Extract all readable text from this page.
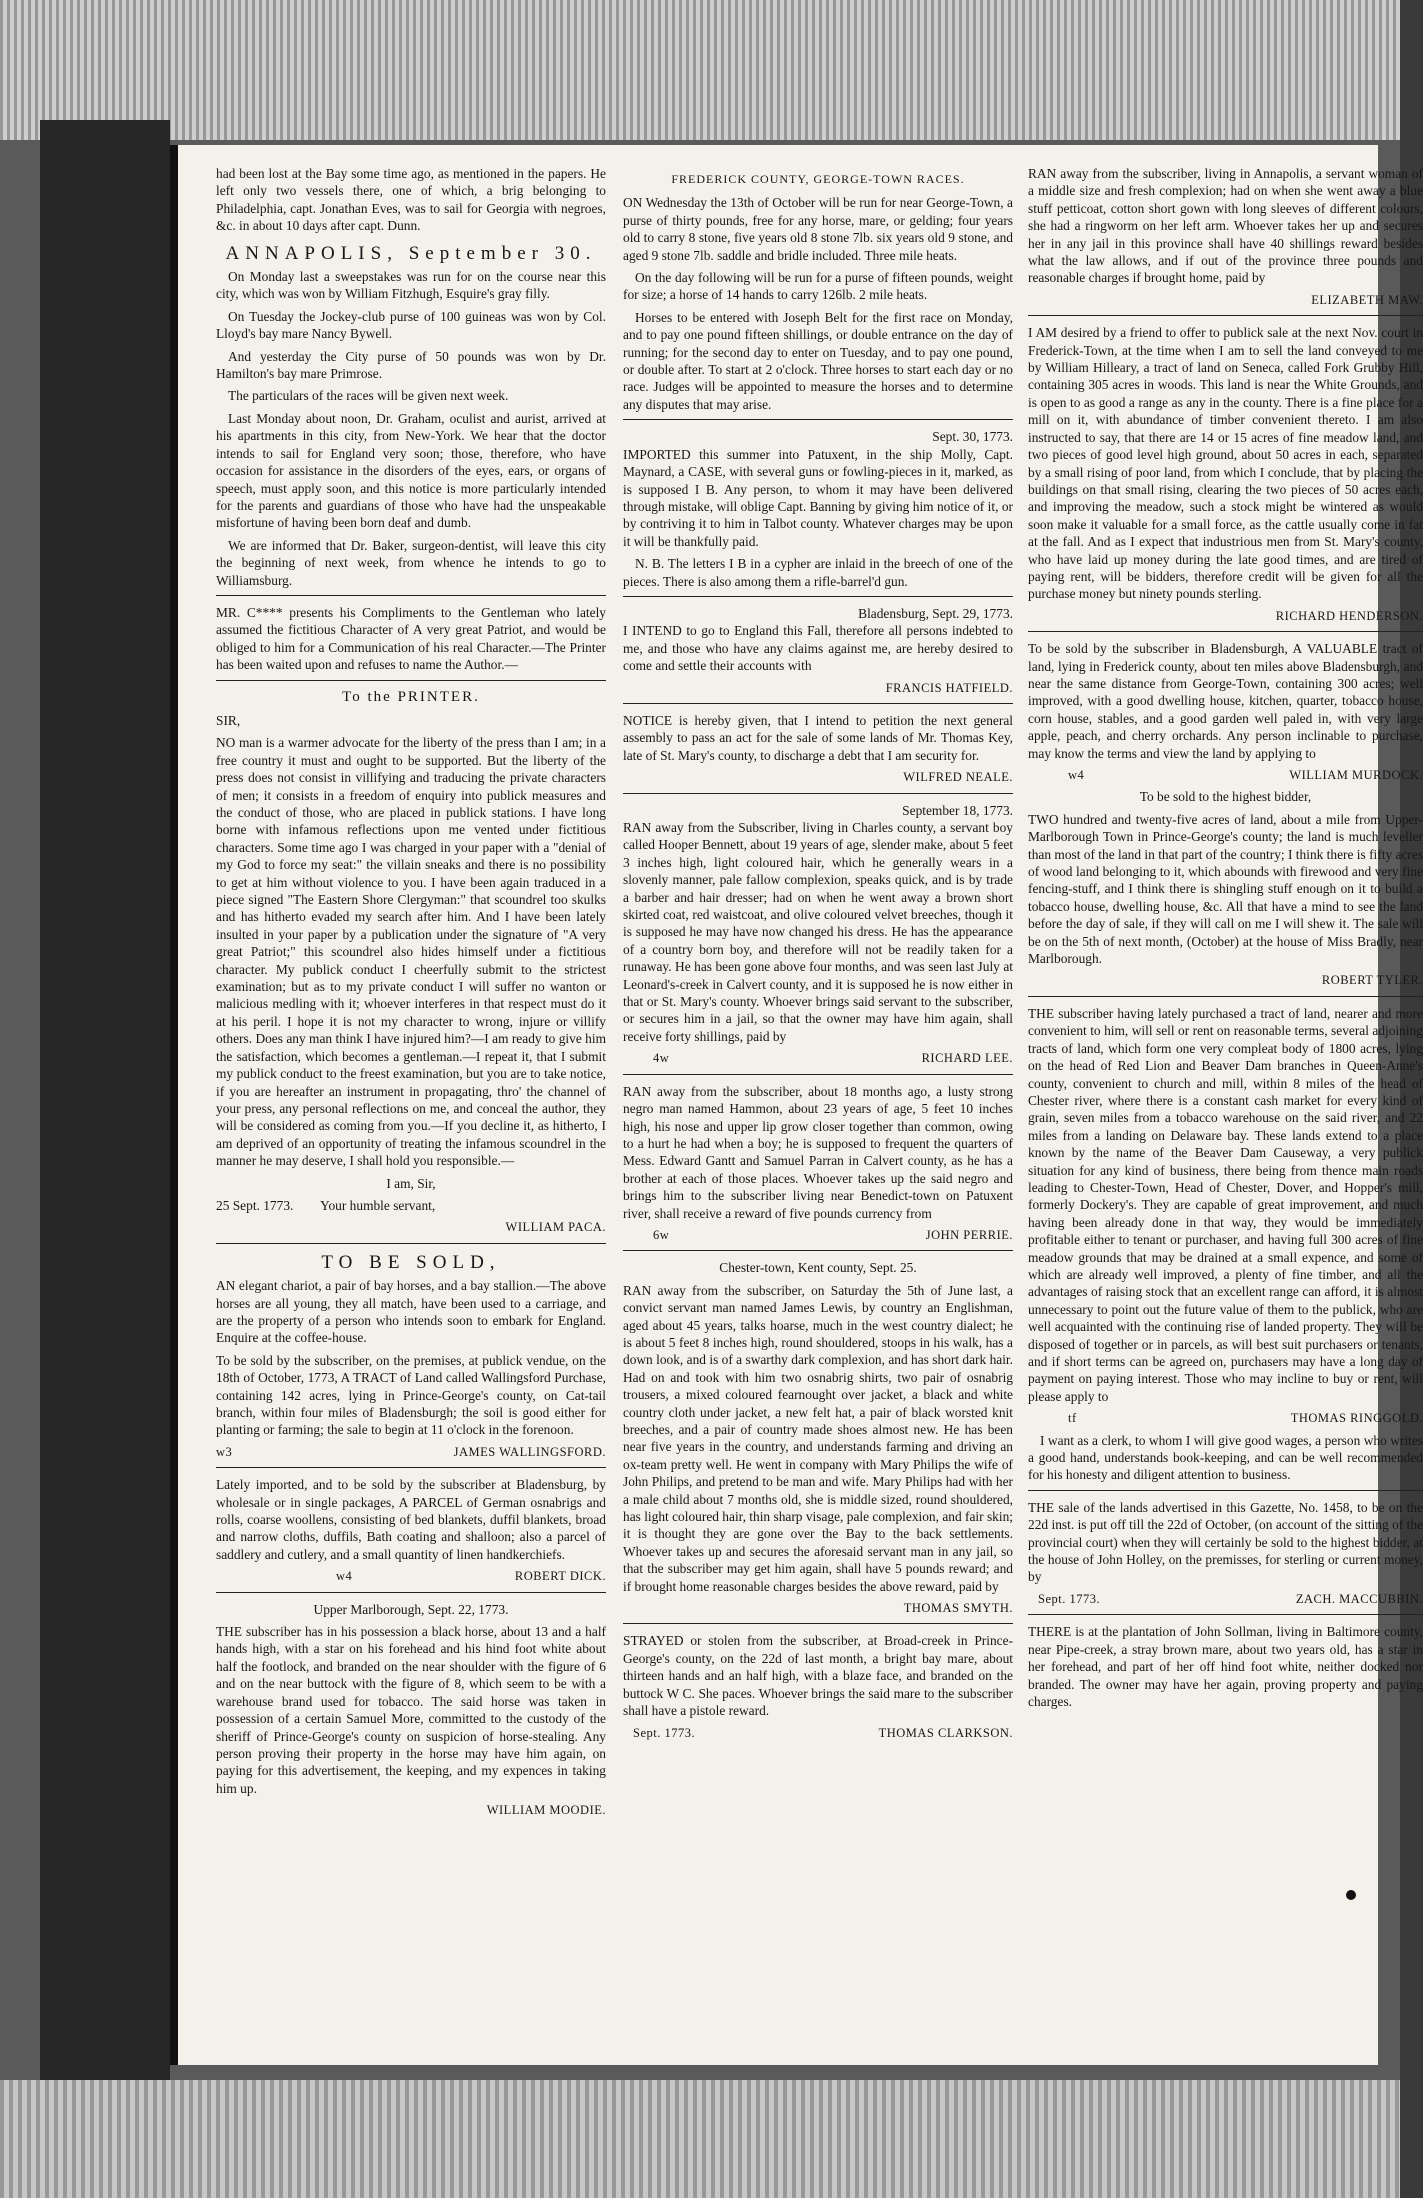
had been lost at the Bay some time ago, as mentioned in the papers. He left only two vessels there, one of which, a brig belonging to Philadelphia, capt. Jonathan Eves, was to sail for Georgia with negroes, &c. in about 10 days after capt. Dunn.

ANNAPOLIS, September 30.

On Monday last a sweepstakes was run for on the course near this city, which was won by William Fitzhugh, Esquire's gray filly.

On Tuesday the Jockey-club purse of 100 guineas was won by Col. Lloyd's bay mare Nancy Bywell.

And yesterday the City purse of 50 pounds was won by Dr. Hamilton's bay mare Primrose.

The particulars of the races will be given next week.

Last Monday about noon, Dr. Graham, oculist and aurist, arrived at his apartments in this city, from New-York. We hear that the doctor intends to sail for England very soon; those, therefore, who have occasion for assistance in the disorders of the eyes, ears, or organs of speech, must apply soon, and this notice is more particularly intended for the parents and guardians of those who have had the unspeakable misfortune of having been born deaf and dumb.

We are informed that Dr. Baker, surgeon-dentist, will leave this city the beginning of next week, from whence he intends to go to Williamsburg.

MR. C**** presents his Compliments to the Gentleman who lately assumed the fictitious Character of A very great Patriot, and would be obliged to him for a Communication of his real Character.—The Printer has been waited upon and refuses to name the Author.—

To the PRINTER.

SIR,

NO man is a warmer advocate for the liberty of the press than I am; in a free country it must and ought to be supported. But the liberty of the press does not consist in villifying and traducing the private characters of men; it consists in a freedom of enquiry into publick measures and the conduct of those, who are placed in publick stations. I have long borne with infamous reflections upon me vented under fictitious characters. Some time ago I was charged in your paper with a "denial of my God to force my seat:" the villain sneaks and there is no possibility to get at him without violence to you. I have been again traduced in a piece signed "The Eastern Shore Clergyman:" that scoundrel too skulks and has hitherto evaded my search after him. And I have been lately insulted in your paper by a publication under the signature of "A very great Patriot;" this scoundrel also hides himself under a fictitious character. My publick conduct I cheerfully submit to the strictest examination; but as to my private conduct I will suffer no wanton or malicious medling with it; whoever interferes in that respect must do it at his peril. I hope it is not my character to wrong, injure or villify others. Does any man think I have injured him?—I am ready to give him the satisfaction, which becomes a gentleman.—I repeat it, that I submit my publick conduct to the freest examination, but you are to take notice, if you are hereafter an instrument in propagating, thro' the channel of your press, any personal reflections on me, and conceal the author, they will be considered as coming from you.—If you decline it, as hitherto, I am deprived of an opportunity of treating the infamous scoundrel in the manner he may deserve, I shall hold you responsible.—

I am, Sir,

25 Sept. 1773. Your humble servant,

WILLIAM PACA.

TO BE SOLD,

AN elegant chariot, a pair of bay horses, and a bay stallion.—The above horses are all young, they all match, have been used to a carriage, and are the property of a person who intends soon to embark for England. Enquire at the coffee-house.

To be sold by the subscriber, on the premises, at publick vendue, on the 18th of October, 1773, A TRACT of Land called Wallingsford Purchase, containing 142 acres, lying in Prince-George's county, on Cat-tail branch, within four miles of Bladensburgh; the soil is good either for planting or farming; the sale to begin at 11 o'clock in the forenoon.

w3	JAMES WALLINGSFORD.

Lately imported, and to be sold by the subscriber at Bladensburg, by wholesale or in single packages, A PARCEL of German osnabrigs and rolls, coarse woollens, consisting of bed blankets, duffil blankets, broad and narrow cloths, duffils, Bath coating and shalloon; also a parcel of saddlery and cutlery, and a small quantity of linen handkerchiefs.

w4	ROBERT DICK.

Upper Marlborough, Sept. 22, 1773.

THE subscriber has in his possession a black horse, about 13 and a half hands high, with a star on his forehead and his hind foot white about half the footlock, and branded on the near shoulder with the figure of 6 and on the near buttock with the figure of 8, which seem to be with a warehouse brand used for tobacco. The said horse was taken in possession of a certain Samuel More, committed to the custody of the sheriff of Prince-George's county on suspicion of horse-stealing. Any person proving their property in the horse may have him again, on paying for this advertisement, the keeping, and my expences in taking him up.

WILLIAM MOODIE.

FREDERICK COUNTY, GEORGE-TOWN RACES.

ON Wednesday the 13th of October will be run for near George-Town, a purse of thirty pounds, free for any horse, mare, or gelding; four years old to carry 8 stone, five years old 8 stone 7lb. six years old 9 stone, and aged 9 stone 7lb. saddle and bridle included. Three mile heats.

On the day following will be run for a purse of fifteen pounds, weight for size; a horse of 14 hands to carry 126lb. 2 mile heats.

Horses to be entered with Joseph Belt for the first race on Monday, and to pay one pound fifteen shillings, or double entrance on the day of running; for the second day to enter on Tuesday, and to pay one pound, or double after. To start at 2 o'clock. Three horses to start each day or no race. Judges will be appointed to measure the horses and to determine any disputes that may arise.

Sept. 30, 1773.

IMPORTED this summer into Patuxent, in the ship Molly, Capt. Maynard, a CASE, with several guns or fowling-pieces in it, marked, as is supposed I B. Any person, to whom it may have been delivered through mistake, will oblige Capt. Banning by giving him notice of it, or by contriving it to him in Talbot county. Whatever charges may be upon it will be thankfully paid.

N. B. The letters I B in a cypher are inlaid in the breech of one of the pieces. There is also among them a rifle-barrel'd gun.

Bladensburg, Sept. 29, 1773.

I INTEND to go to England this Fall, therefore all persons indebted to me, and those who have any claims against me, are hereby desired to come and settle their accounts with

FRANCIS HATFIELD.

NOTICE is hereby given, that I intend to petition the next general assembly to pass an act for the sale of some lands of Mr. Thomas Key, late of St. Mary's county, to discharge a debt that I am security for.

WILFRED NEALE.

September 18, 1773.

RAN away from the Subscriber, living in Charles county, a servant boy called Hooper Bennett, about 19 years of age, slender make, about 5 feet 3 inches high, light coloured hair, which he generally wears in a slovenly manner, pale fallow complexion, speaks quick, and is by trade a barber and hair dresser; had on when he went away a brown short skirted coat, red waistcoat, and olive coloured velvet breeches, though it is supposed he may have now changed his dress. He has the appearance of a country born boy, and therefore will not be readily taken for a runaway. He has been gone above four months, and was seen last July at Leonard's-creek in Calvert county, and it is supposed he is now either in that or St. Mary's county. Whoever brings said servant to the subscriber, or secures him in a jail, so that the owner may have him again, shall receive forty shillings, paid by

4w	RICHARD LEE.

RAN away from the subscriber, about 18 months ago, a lusty strong negro man named Hammon, about 23 years of age, 5 feet 10 inches high, his nose and upper lip grow closer together than common, owing to a hurt he had when a boy; he is supposed to frequent the quarters of Mess. Edward Gantt and Samuel Parran in Calvert county, as he has a brother at each of those places. Whoever takes up the said negro and brings him to the subscriber living near Benedict-town on Patuxent river, shall receive a reward of five pounds currency from

6w	JOHN PERRIE.

Chester-town, Kent county, Sept. 25.

RAN away from the subscriber, on Saturday the 5th of June last, a convict servant man named James Lewis, by country an Englishman, aged about 45 years, talks hoarse, much in the west country dialect; he is about 5 feet 8 inches high, round shouldered, stoops in his walk, has a down look, and is of a swarthy dark complexion, and has short dark hair. Had on and took with him two osnabrig shirts, two pair of osnabrig trousers, a mixed coloured fearnought over jacket, a black and white country cloth under jacket, a new felt hat, a pair of black worsted knit breeches, and a pair of country made shoes almost new. He has been near five years in the country, and understands farming and driving an ox-team pretty well. He went in company with Mary Philips the wife of John Philips, and pretend to be man and wife. Mary Philips had with her a male child about 7 months old, she is middle sized, round shouldered, has light coloured hair, thin sharp visage, pale complexion, and fair skin; it is thought they are gone over the Bay to the back settlements. Whoever takes up and secures the aforesaid servant man in any jail, so that the subscriber may get him again, shall have 5 pounds reward; and if brought home reasonable charges besides the above reward, paid by

THOMAS SMYTH.

STRAYED or stolen from the subscriber, at Broad-creek in Prince-George's county, on the 22d of last month, a bright bay mare, about thirteen hands and an half high, with a blaze face, and branded on the buttock W C. She paces. Whoever brings the said mare to the subscriber shall have a pistole reward.

Sept. 1773.	THOMAS CLARKSON.

RAN away from the subscriber, living in Annapolis, a servant woman of a middle size and fresh complexion; had on when she went away a blue stuff petticoat, cotton short gown with long sleeves of different colours, she had a ringworm on her left arm. Whoever takes her up and secures her in any jail in this province shall have 40 shillings reward besides what the law allows, and if out of the province three pounds and reasonable charges if brought home, paid by

ELIZABETH MAW.

I AM desired by a friend to offer to publick sale at the next Nov. court in Frederick-Town, at the time when I am to sell the land conveyed to me by William Hilleary, a tract of land on Seneca, called Fork Grubby Hill, containing 305 acres in woods. This land is near the White Grounds, and is open to as good a range as any in the county. There is a fine place for a mill on it, with abundance of timber convenient thereto. I am also instructed to say, that there are 14 or 15 acres of fine meadow land, and two pieces of good level high ground, about 50 acres in each, separated by a small rising of poor land, from which I conclude, that by placing the buildings on that small rising, clearing the two pieces of 50 acres each, and improving the meadow, such a stock might be wintered as would soon make it valuable for a small force, as the cattle usually come in fat at the fall. And as I expect that industrious men from St. Mary's county, who have laid up money during the late good times, and are tired of paying rent, will be bidders, therefore credit will be given for all the purchase money but ninety pounds sterling.

RICHARD HENDERSON.

To be sold by the subscriber in Bladensburgh, A VALUABLE tract of land, lying in Frederick county, about ten miles above Bladensburgh, and near the same distance from George-Town, containing 300 acres; well improved, with a good dwelling house, kitchen, quarter, tobacco house, corn house, stables, and a good garden well paled in, with very large apple, peach, and cherry orchards. Any person inclinable to purchase, may know the terms and view the land by applying to

w4	WILLIAM MURDOCK.

To be sold to the highest bidder,

TWO hundred and twenty-five acres of land, about a mile from Upper-Marlborough Town in Prince-George's county; the land is much leveller than most of the land in that part of the country; I think there is fifty acres of wood land belonging to it, which abounds with firewood and very fine fencing-stuff, and I think there is shingling stuff enough on it to build a tobacco house, dwelling house, &c. All that have a mind to see the land before the day of sale, if they will call on me I will shew it. The sale will be on the 5th of next month, (October) at the house of Miss Bradly, near Marlborough.

ROBERT TYLER.

THE subscriber having lately purchased a tract of land, nearer and more convenient to him, will sell or rent on reasonable terms, several adjoining tracts of land, which form one very compleat body of 1800 acres, lying on the head of Red Lion and Beaver Dam branches in Queen-Anne's county, convenient to church and mill, within 8 miles of the head of Chester river, where there is a constant cash market for every kind of grain, seven miles from a tobacco warehouse on the said river, and 22 miles from a landing on Delaware bay. These lands extend to a place known by the name of the Beaver Dam Causeway, a very publick situation for any kind of business, there being from thence main roads leading to Chester-Town, Head of Chester, Dover, and Hopper's mill, formerly Dockery's. They are capable of great improvement, and much having been already done in that way, they would be immediately profitable either to tenant or purchaser, and having full 300 acres of fine meadow grounds that may be drained at a small expence, and some of which are already well improved, a plenty of fine timber, and all the advantages of raising stock that an excellent range can afford, it is almost unnecessary to point out the future value of them to the publick, who are well acquainted with the continuing rise of landed property. They will be disposed of together or in parcels, as will best suit purchasers or tenants, and if short terms can be agreed on, purchasers may have a long day of payment on paying interest. Those who may incline to buy or rent, will please apply to

tf	THOMAS RINGGOLD.

I want as a clerk, to whom I will give good wages, a person who writes a good hand, understands book-keeping, and can be well recommended for his honesty and diligent attention to business.

THE sale of the lands advertised in this Gazette, No. 1458, to be on the 22d inst. is put off till the 22d of October, (on account of the sitting of the provincial court) when they will certainly be sold to the highest bidder, at the house of John Holley, on the premisses, for sterling or current money, by

Sept. 1773.	ZACH. MACCUBBIN.

THERE is at the plantation of John Sollman, living in Baltimore county, near Pipe-creek, a stray brown mare, about two years old, has a star in her forehead, and part of her off hind foot white, neither docked nor branded. The owner may have her again, proving property and paying charges.
